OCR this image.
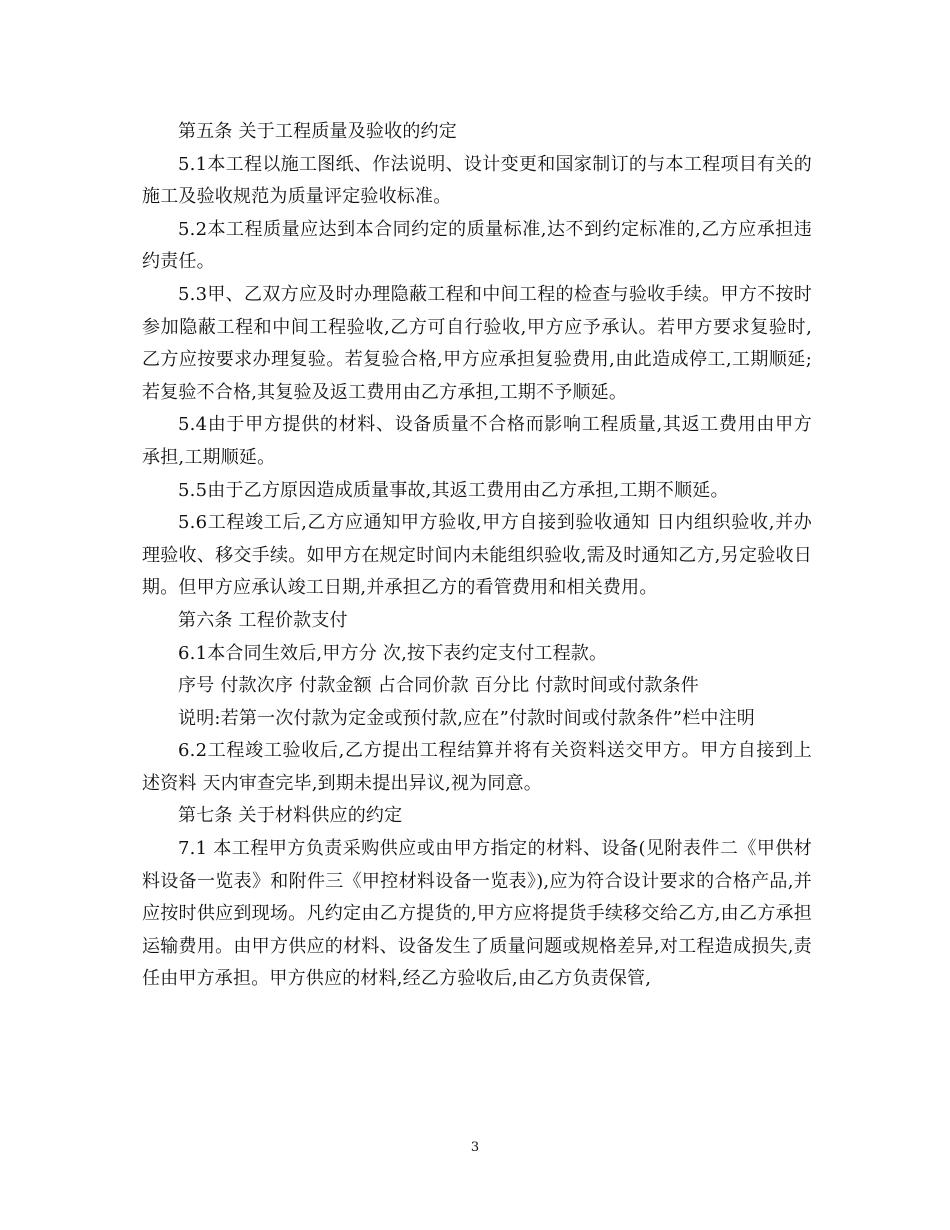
第五条 关于工程质量及验收的约定

5.1本工程以施工图纸、作法说明、设计变更和国家制订的与本工程项目有关的施工及验收规范为质量评定验收标准。

5.2本工程质量应达到本合同约定的质量标准,达不到约定标准的,乙方应承担违约责任。

5.3甲、乙双方应及时办理隐蔽工程和中间工程的检查与验收手续。甲方不按时参加隐蔽工程和中间工程验收,乙方可自行验收,甲方应予承认。若甲方要求复验时,乙方应按要求办理复验。若复验合格,甲方应承担复验费用,由此造成停工,工期顺延;若复验不合格,其复验及返工费用由乙方承担,工期不予顺延。

5.4由于甲方提供的材料、设备质量不合格而影响工程质量,其返工费用由甲方承担,工期顺延。

5.5由于乙方原因造成质量事故,其返工费用由乙方承担,工期不顺延。

5.6工程竣工后,乙方应通知甲方验收,甲方自接到验收通知 日内组织验收,并办理验收、移交手续。如甲方在规定时间内未能组织验收,需及时通知乙方,另定验收日期。但甲方应承认竣工日期,并承担乙方的看管费用和相关费用。

第六条 工程价款支付

6.1本合同生效后,甲方分 次,按下表约定支付工程款。

序号 付款次序 付款金额 占合同价款 百分比 付款时间或付款条件

说明:若第一次付款为定金或预付款,应在”付款时间或付款条件”栏中注明

6.2工程竣工验收后,乙方提出工程结算并将有关资料送交甲方。甲方自接到上述资料 天内审查完毕,到期未提出异议,视为同意。

第七条 关于材料供应的约定

7.1 本工程甲方负责采购供应或由甲方指定的材料、设备(见附表件二《甲供材料设备一览表》和附件三《甲控材料设备一览表》),应为符合设计要求的合格产品,并应按时供应到现场。凡约定由乙方提货的,甲方应将提货手续移交给乙方,由乙方承担运输费用。由甲方供应的材料、设备发生了质量问题或规格差异,对工程造成损失,责任由甲方承担。甲方供应的材料,经乙方验收后,由乙方负责保管,

3
